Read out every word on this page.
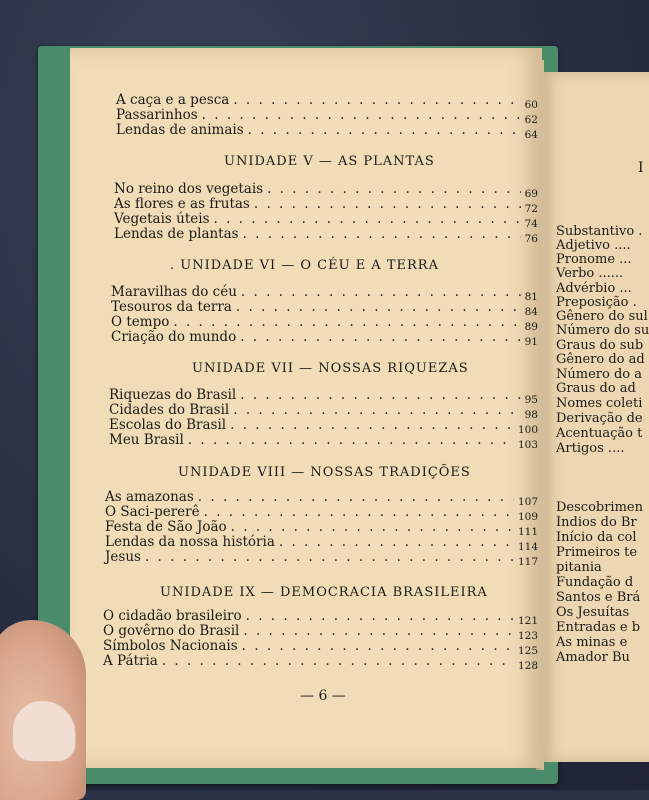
A caça e a pesca . . .	60
Passarinhos . . .	62
Lendas de animais . . .	64
UNIDADE V — AS PLANTAS
No reino dos vegetais . . .	69
As flores e as frutas . . .	72
Vegetais úteis . . .	74
Lendas de plantas . . .	76
. UNIDADE VI — O CÉU E A TERRA
Maravilhas do céu . . .	81
Tesouros da terra . . .	84
O tempo . . .	89
Criação do mundo . . .	91
UNIDADE VII — NOSSAS RIQUEZAS
Riquezas do Brasil . . .	95
Cidades do Brasil . . .	98
Escolas do Brasil . . .	100
Meu Brasil . . .	103
UNIDADE VIII — NOSSAS TRADIÇÕES
As amazonas . . .	107
O Saci-pererê . . .	109
Festa de São João . . .	111
Lendas da nossa história . . .	114
Jesus . . .	117
UNIDADE IX — DEMOCRACIA BRASILEIRA
O cidadão brasileiro . . .	121
O govêrno do Brasil . . .	123
Símbolos Nacionais . . .	125
A Pátria . . .	128
— 6 —
I
Substantivo .
Adjetivo ....
Pronome ...
Verbo ......
Advérbio ...
Preposição .
Gênero do sul
Número do su
Graus do sub
Gênero do ad
Número do a
Graus do ad
Nomes coleti
Derivação de
Acentuação t
Artigos ....
Descobrimen
Índios do Br
Início da col
Primeiros te
pitania
Fundação d
Santos e Brá
Os Jesuítas
Entradas e b
As minas e
Amador Bu
